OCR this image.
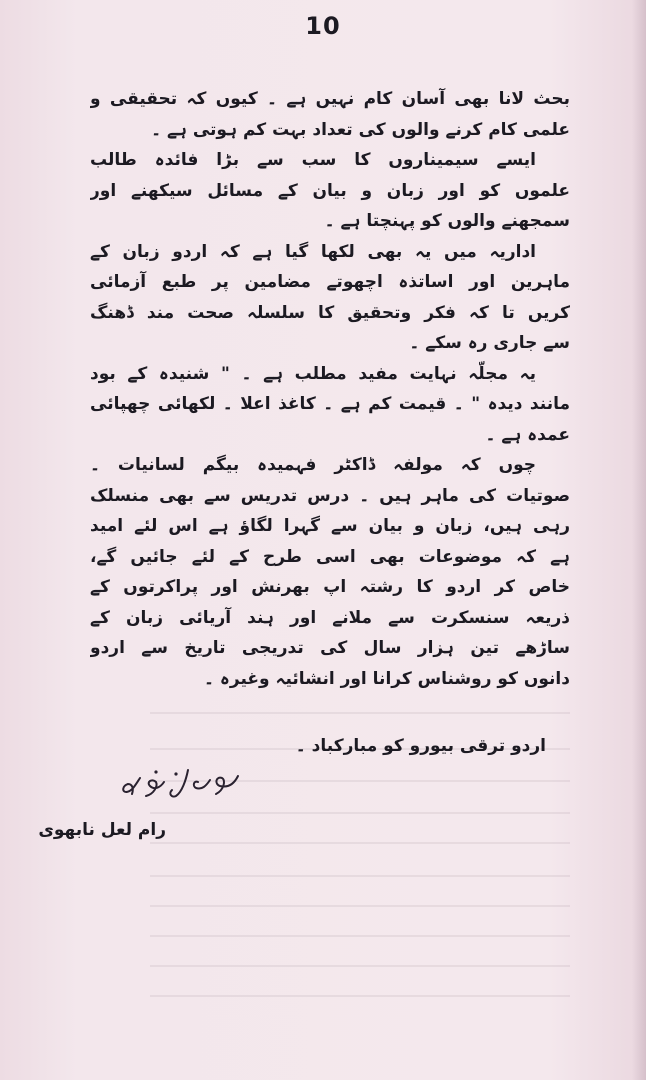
10
بحث لانا بھی آسان کام نہیں ہے ۔ کیوں کہ تحقیقی و
علمی کام کرنے والوں کی تعداد بہت کم ہوتی ہے ۔
ایسے سیمیناروں کا سب سے بڑا فائدہ طالب
علموں کو اور زبان و بیان کے مسائل سیکھنے اور
سمجھنے والوں کو پہنچتا ہے ۔
اداریہ میں یہ بھی لکھا گیا ہے کہ اردو زبان کے
ماہرین اور اساتذہ اچھوتے مضامین پر طبع آزمائی
کریں تا کہ فکر وتحقیق کا سلسلہ صحت مند ڈھنگ
سے جاری رہ سکے ۔
یہ مجلّہ نہایت مفید مطلب ہے ۔ " شنیدہ کے بود
مانند دیدہ " ۔ قیمت کم ہے ۔ کاغذ اعلا ۔ لکھائی چھپائی
عمدہ ہے ۔
چوں کہ مولفہ ڈاکٹر فہمیدہ بیگم لسانیات ۔
صوتیات کی ماہر ہیں ۔ درس تدریس سے بھی منسلک
رہی ہیں، زبان و بیان سے گہرا لگاؤ ہے اس لئے امید
ہے کہ موضوعات بھی اسی طرح کے لئے جائیں گے،
خاص کر اردو کا رشتہ اپ بھرنش اور پراکرتوں کے
ذریعہ سنسکرت سے ملانے اور ہند آریائی زبان کے
ساڑھے تین ہزار سال کی تدریجی تاریخ سے اردو
دانوں کو روشناس کرانا اور انشائیہ وغیرہ ۔
اردو ترقی بیورو کو مبارکباد ۔
رام لعل نابھوی
